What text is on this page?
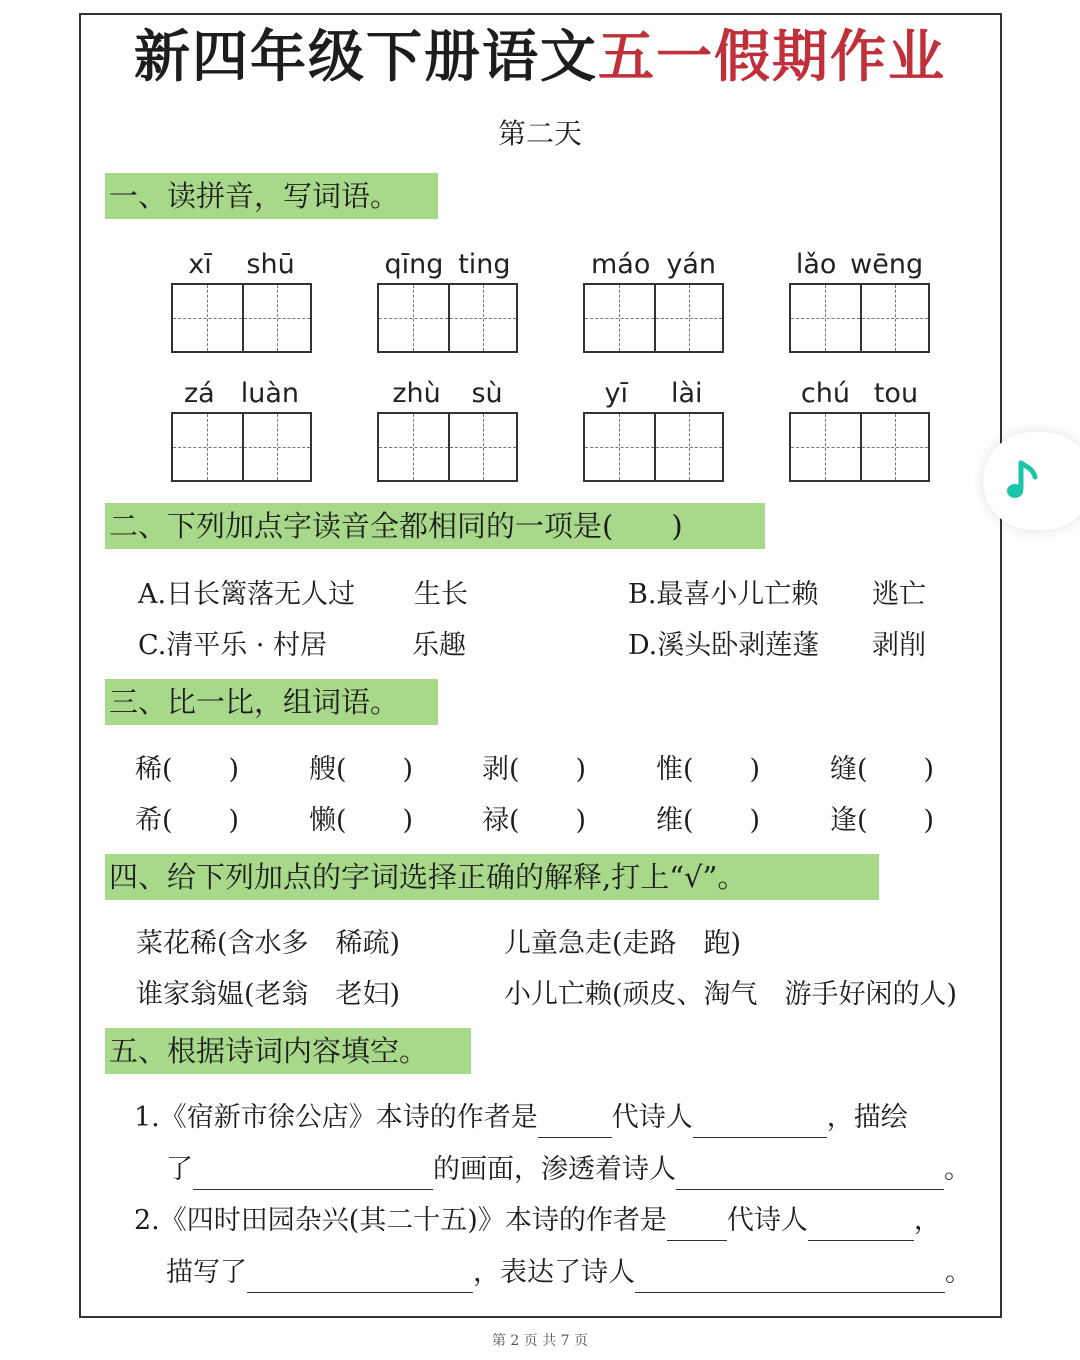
新四年级下册语文五一假期作业
第二天
一、读拼音，写词语。
xī shū	qīng ting	máo yán	lǎo wēng
zá luàn	zhù sù	yī lài	chú tou
二、下列加点字读音全都相同的一项是(　　)
A.日长篱落无人过 生长	B.最喜小儿亡赖 逃亡
C.清平乐 · 村居	乐趣	D.溪头卧剥莲蓬 剥削
三、比一比，组词语。
稀( )	艘( )	剥( )	惟( )	缝( )
希( )	懒( )	禄( )	维( )	逢( )
四、给下列加点的字词选择正确的解释,打上“√”。
菜花稀(含水多　稀疏)	儿童急走(走路　跑)
谁家翁媪(老翁　老妇)	小儿亡赖(顽皮、淘气　游手好闲的人)
五、根据诗词内容填空。
1.《宿新市徐公店》本诗的作者是	代诗人	，描绘
了	的画面，渗透着诗人	。
2.《四时田园杂兴(其二十五)》本诗的作者是 代诗人	，
描写了	，表达了诗人	。
第 2 页 共 7 页
